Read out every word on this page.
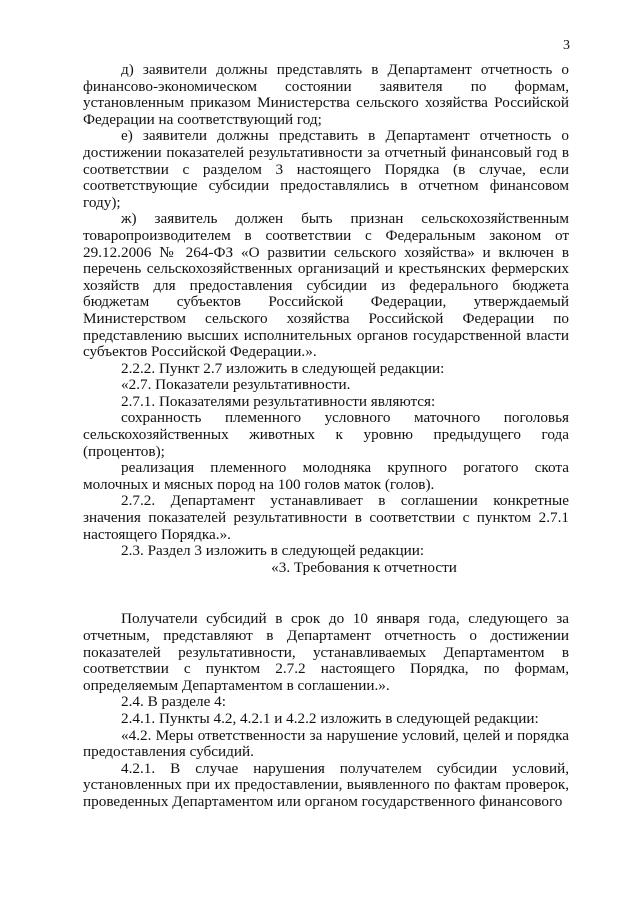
3

д) заявители должны представлять в Департамент отчетность о финансово-экономическом состоянии заявителя по формам, установленным приказом Министерства сельского хозяйства Российской Федерации на соответствующий год;

е) заявители должны представить в Департамент отчетность о достижении показателей результативности за отчетный финансовый год в соответствии с разделом 3 настоящего Порядка (в случае, если соответствующие субсидии предоставлялись в отчетном финансовом году);

ж) заявитель должен быть признан сельскохозяйственным товаропроизводителем в соответствии с Федеральным законом от 29.12.2006 № 264-ФЗ «О развитии сельского хозяйства» и включен в перечень сельскохозяйственных организаций и крестьянских фермерских хозяйств для предоставления субсидии из федерального бюджета бюджетам субъектов Российской Федерации, утверждаемый Министерством сельского хозяйства Российской Федерации по представлению высших исполнительных органов государственной власти субъектов Российской Федерации.».

2.2.2. Пункт 2.7 изложить в следующей редакции:

«2.7. Показатели результативности.

2.7.1. Показателями результативности являются:

сохранность племенного условного маточного поголовья сельскохозяйственных животных к уровню предыдущего года (процентов);

реализация племенного молодняка крупного рогатого скота молочных и мясных пород на 100 голов маток (голов).

2.7.2. Департамент устанавливает в соглашении конкретные значения показателей результативности в соответствии с пунктом 2.7.1 настоящего Порядка.».

2.3. Раздел 3 изложить в следующей редакции:

«3. Требования к отчетности

Получатели субсидий в срок до 10 января года, следующего за отчетным, представляют в Департамент отчетность о достижении показателей результативности, устанавливаемых Департаментом в соответствии с пунктом 2.7.2 настоящего Порядка, по формам, определяемым Департаментом в соглашении.».

2.4. В разделе 4:

2.4.1. Пункты 4.2, 4.2.1 и 4.2.2 изложить в следующей редакции:

«4.2. Меры ответственности за нарушение условий, целей и порядка предоставления субсидий.

4.2.1. В случае нарушения получателем субсидии условий, установленных при их предоставлении, выявленного по фактам проверок, проведенных Департаментом или органом государственного финансового
